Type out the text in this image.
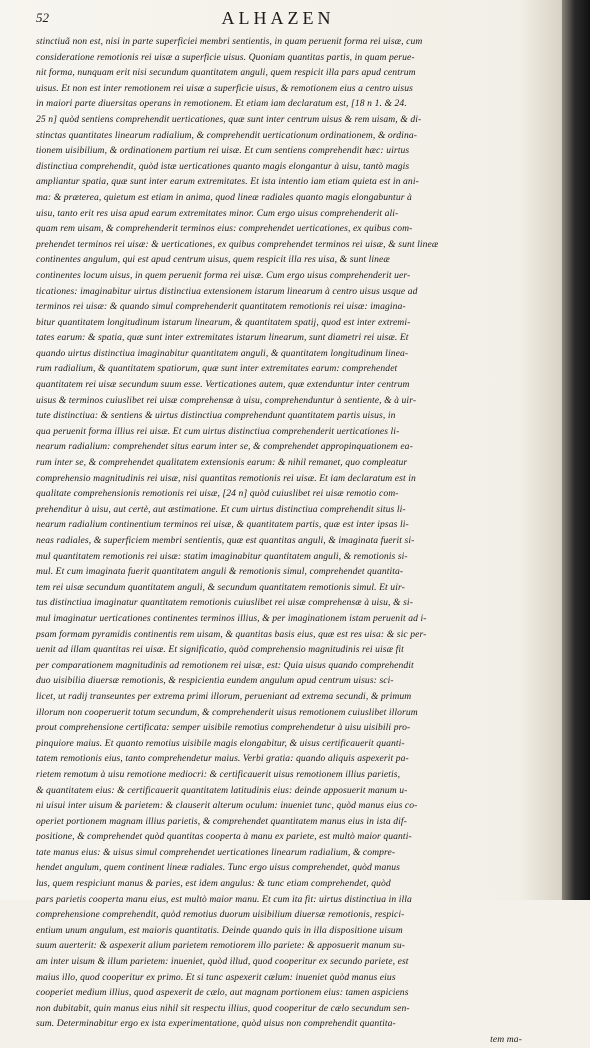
52	ALHAZEN
stinctiuã non est, nisi in parte superficiei membri sentientis, in quam peruenit forma rei uisæ, cum
consideratione remotionis rei uisæ a superficie uisus. Quoniam quantitas partis, in quam perue-
nit forma, nunquam erit nisi secundum quantitatem anguli, quem respicit illa pars apud centrum
uisus. Et non est inter remotionem rei uisæ a superficie uisus, & remotionem eius a centro uisus
in maiori parte diuersitas operans in remotionem. Et etiam iam declaratum est, [18 n 1. & 24.
25 n] quòd sentiens comprehendit uerticationes, quæ sunt inter centrum uisus & rem uisam, & di-
stinctas quantitates linearum radialium, & comprehendit uerticationum ordinationem, & ordina-
tionem uisibilium, & ordinationem partium rei uisæ. Et cum sentiens comprehendit hæc: uirtus
distinctiua comprehendit, quòd istæ uerticationes quanto magis elongantur à uisu, tantò magis
ampliantur spatia, quæ sunt inter earum extremitates. Et ista intentio iam etiam quieta est in ani-
ma: & præterea, quietum est etiam in anima, quod lineæ radiales quanto magis elongabuntur à
uisu, tanto erit res uisa apud earum extremitates minor. Cum ergo uisus comprehenderit ali-
quam rem uisam, & comprehenderit terminos eius: comprehendet uerticationes, ex quibus com-
prehendet terminos rei uisæ: & uerticationes, ex quibus comprehendet terminos rei uisæ, & sunt lineæ
continentes angulum, qui est apud centrum uisus, quem respicit illa res uisa, & sunt lineæ
continentes locum uisus, in quem peruenit forma rei uisæ. Cum ergo uisus comprehenderit uer-
ticationes: imaginabitur uirtus distinctiua extensionem istarum linearum à centro uisus usque ad
terminos rei uisæ: & quando simul comprehenderit quantitatem remotionis rei uisæ: imagina-
bitur quantitatem longitudinum istarum linearum, & quantitatem spatij, quod est inter extremi-
tates earum: & spatia, quæ sunt inter extremitates istarum linearum, sunt diametri rei uisæ. Et
quando uirtus distinctiua imaginabitur quantitatem anguli, & quantitatem longitudinum linea-
rum radialium, & quantitatem spatiorum, quæ sunt inter extremitates earum: comprehendet
quantitatem rei uisæ secundum suum esse. Verticationes autem, quæ extenduntur inter centrum
uisus & terminos cuiuslibet rei uisæ comprehensæ à uisu, comprehenduntur à sentiente, & à uir-
tute distinctiua: & sentiens & uirtus distinctiua comprehendunt quantitatem partis uisus, in
qua peruenit forma illius rei uisæ. Et cum uirtus distinctiua comprehenderit uerticationes li-
nearum radialium: comprehendet situs earum inter se, & comprehendet appropinquationem ea-
rum inter se, & comprehendet qualitatem extensionis earum: & nihil remanet, quo compleatur
comprehensio magnitudinis rei uisæ, nisi quantitas remotionis rei uisæ. Et iam declaratum est in
qualitate comprehensionis remotionis rei uisæ, [24 n] quòd cuiuslibet rei uisæ remotio com-
prehenditur à uisu, aut certè, aut æstimatione. Et cum uirtus distinctiua comprehendit situs li-
nearum radialium continentium terminos rei uisæ, & quantitatem partis, quæ est inter ipsas li-
neas radiales, & superficiem membri sentientis, quæ est quantitas anguli, & imaginata fuerit si-
mul quantitatem remotionis rei uisæ: statim imaginabitur quantitatem anguli, & remotionis si-
mul. Et cum imaginata fuerit quantitatem anguli & remotionis simul, comprehendet quantita-
tem rei uisæ secundum quantitatem anguli, & secundum quantitatem remotionis simul. Et uir-
tus distinctiua imaginatur quantitatem remotionis cuiuslibet rei uisæ comprehensæ à uisu, & si-
mul imaginatur uerticationes continentes terminos illius, & per imaginationem istam peruenit ad i-
psam formam pyramidis continentis rem uisam, & quantitas basis eius, quæ est res uisa: & sic per-
uenit ad illam quantitas rei uisæ. Et significatio, quòd comprehensio magnitudinis rei uisæ fit
per comparationem magnitudinis ad remotionem rei uisæ, est: Quia uisus quando comprehendit
duo uisibilia diuersæ remotionis, & respicientia eundem angulum apud centrum uisus: sci-
licet, ut radij transeuntes per extrema primi illorum, perueniant ad extrema secundi, & primum
illorum non cooperuerit totum secundum, & comprehenderit uisus remotionem cuiuslibet illorum
prout comprehensione certificata: semper uisibile remotius comprehendetur à uisu uisibili pro-
pinquiore maius. Et quanto remotius uisibile magis elongabitur, & uisus certificauerit quanti-
tatem remotionis eius, tanto comprehendetur maius. Verbi gratia: quando aliquis aspexerit pa-
rietem remotum à uisu remotione mediocri: & certificauerit uisus remotionem illius parietis,
& quantitatem eius: & certificauerit quantitatem latitudinis eius: deinde apposuerit manum u-
ni uisui inter uisum & parietem: & clauserit alterum oculum: inueniet tunc, quòd manus eius co-
operiet portionem magnam illius parietis, & comprehendet quantitatem manus eius in ista dif-
positione, & comprehendet quòd quantitas cooperta à manu ex pariete, est multò maior quanti-
tate manus eius: & uisus simul comprehendet uerticationes linearum radialium, & compre-
hendet angulum, quem continent lineæ radiales. Tunc ergo uisus comprehendet, quòd manus
lus, quem respiciunt manus & paries, est idem angulus: & tunc etiam comprehendet, quòd
pars parietis cooperta manu eius, est multò maior manu. Et cum ita fit: uirtus distinctiua in illa
comprehensione comprehendit, quòd remotius duorum uisibilium diuersæ remotionis, respici-
entium unum angulum, est maioris quantitatis. Deinde quando quis in illa dispositione uisum
suum auerterit: & aspexerit alium parietem remotiorem illo pariete: & apposuerit manum su-
am inter uisum & illum parietem: inueniet, quòd illud, quod cooperitur ex secundo pariete, est
maius illo, quod cooperitur ex primo. Et si tunc aspexerit cælum: inueniet quòd manus eius
cooperiet medium illius, quod aspexerit de cælo, aut magnam portionem eius: tamen aspiciens
non dubitabit, quin manus eius nihil sit respectu illius, quod cooperitur de cælo secundum sen-
sum. Determinabitur ergo ex ista experimentatione, quòd uisus non comprehendit quantita-
tem ma-
